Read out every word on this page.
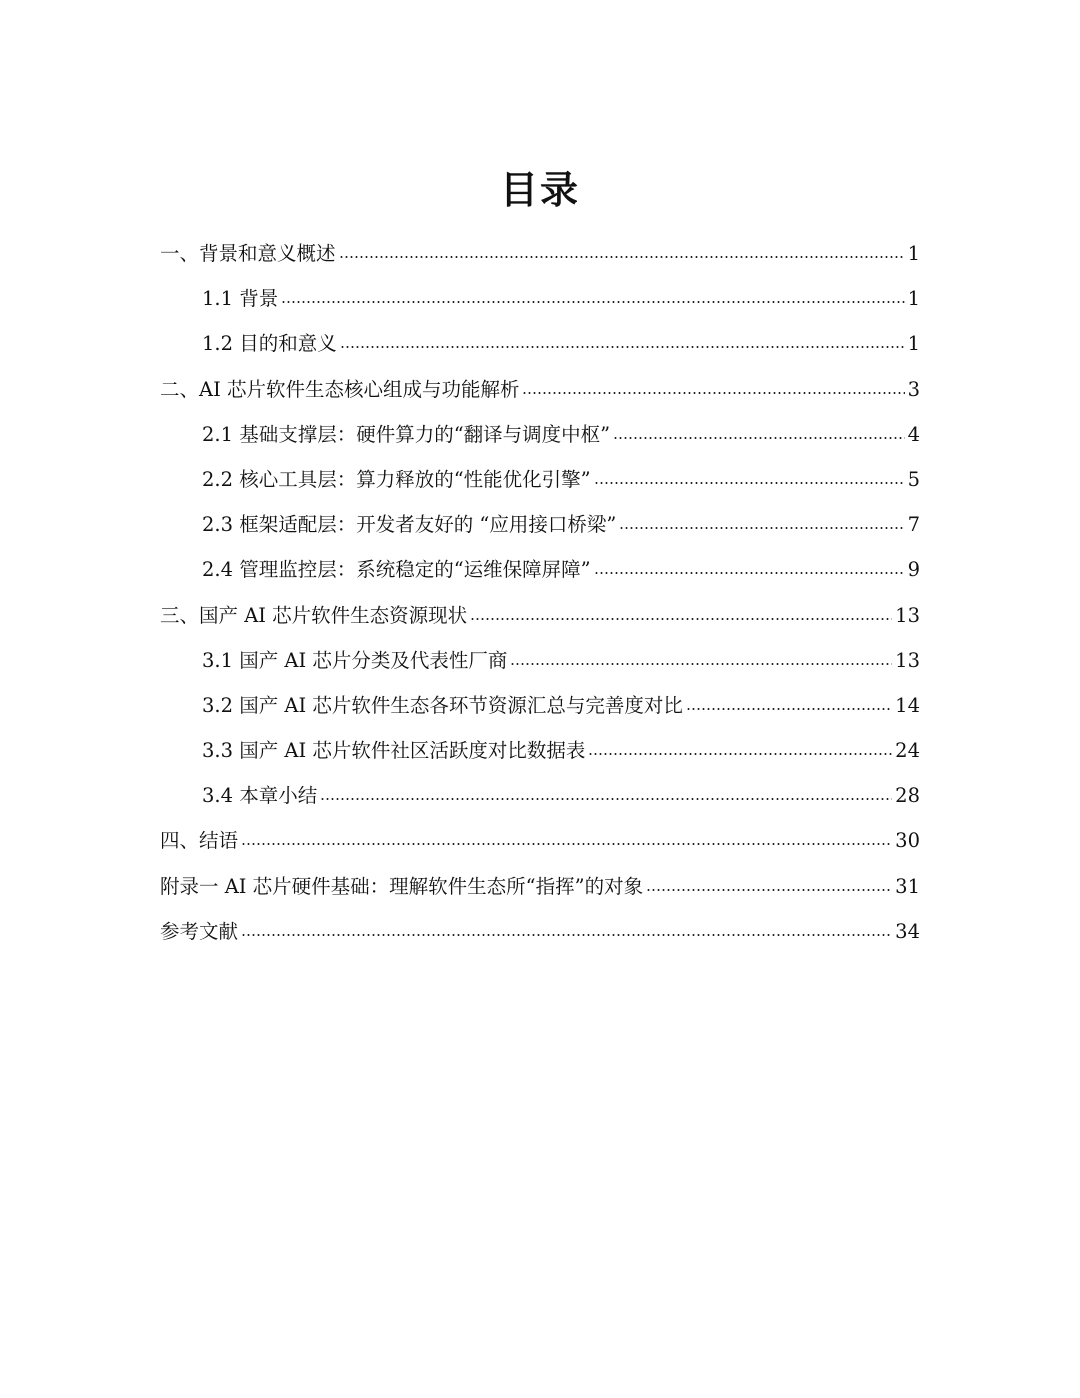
目录
一、背景和意义概述	1
1.1 背景	1
1.2 目的和意义	1
二、AI 芯片软件生态核心组成与功能解析	3
2.1 基础支撑层：硬件算力的“翻译与调度中枢”	4
2.2 核心工具层：算力释放的“性能优化引擎”	5
2.3 框架适配层：开发者友好的 “应用接口桥梁”	7
2.4 管理监控层：系统稳定的“运维保障屏障”	9
三、国产 AI 芯片软件生态资源现状	13
3.1 国产 AI 芯片分类及代表性厂商	13
3.2 国产 AI 芯片软件生态各环节资源汇总与完善度对比	14
3.3 国产 AI 芯片软件社区活跃度对比数据表	24
3.4 本章小结	28
四、结语	30
附录一 AI 芯片硬件基础：理解软件生态所“指挥”的对象	31
参考文献	34
